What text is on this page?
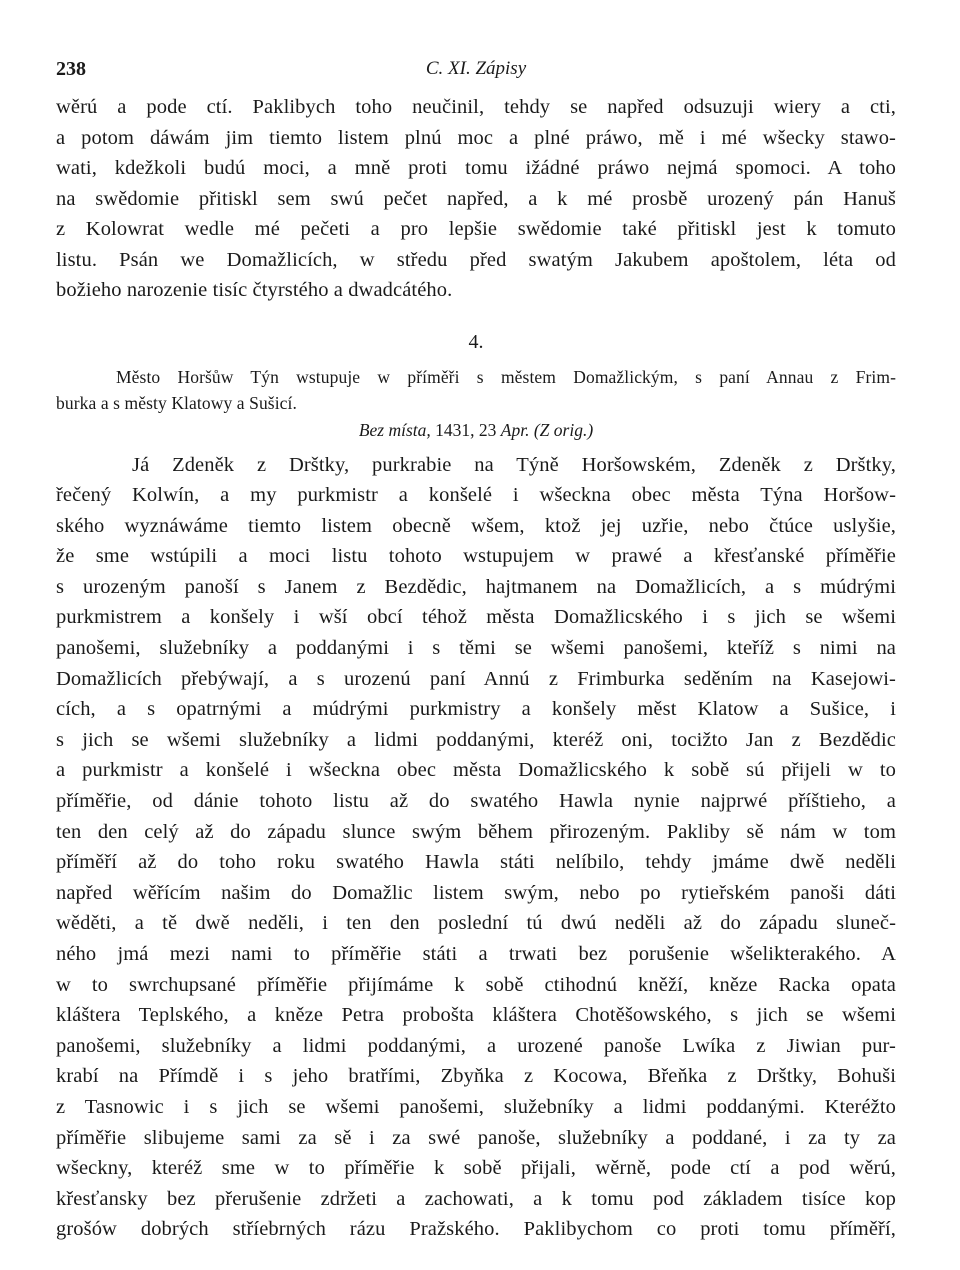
238	C. XI. Zápisy
wěrú a pode ctí. Paklibych toho neučinil, tehdy se napřed odsuzuji wiery a cti,
a potom dáwám jim tiemto listem plnú moc a plné práwo, mě i mé wšecky stawo-
wati, kdežkoli budú moci, a mně proti tomu ižádné práwo nejmá spomoci. A toho
na swědomie přitiskl sem swú pečet napřed, a k mé prosbě urozený pán Hanuš
z Kolowrat wedle mé pečeti a pro lepšie swědomie také přitiskl jest k tomuto
listu. Psán we Domažlicích, w středu před swatým Jakubem apoštolem, léta od
božieho narozenie tisíc čtyrstého a dwadcátého.
4.
Město Horšůw Týn wstupuje w příměři s městem Domažlickým, s paní Annau z Frim-
burka a s městy Klatowy a Sušicí.
Bez místa, 1431, 23 Apr. (Z orig.)
Já Zdeněk z Drštky, purkrabie na Týně Horšowském, Zdeněk z Drštky,
řečený Kolwín, a my purkmistr a konšelé i wšeckna obec města Týna Horšow-
ského wyznáwáme tiemto listem obecně wšem, ktož jej uzřie, nebo čtúce uslyšie,
že sme wstúpili a moci listu tohoto wstupujem w prawé a křesťanské příměřie
s urozeným panoší s Janem z Bezdědic, hajtmanem na Domažlicích, a s múdrými
purkmistrem a konšely i wší obcí téhož města Domažlicského i s jich se wšemi
panošemi, služebníky a poddanými i s těmi se wšemi panošemi, kteříž s nimi na
Domažlicích přebýwají, a s urozenú paní Annú z Frimburka seděním na Kasejowi-
cích, a s opatrnými a múdrými purkmistry a konšely měst Klatow a Sušice, i
s jich se wšemi služebníky a lidmi poddanými, kteréž oni, tocižto Jan z Bezdědic
a purkmistr a konšelé i wšeckna obec města Domažlicského k sobě sú přijeli w to
příměřie, od dánie tohoto listu až do swatého Hawla nynie najprwé příštieho, a
ten den celý až do západu slunce swým během přirozeným. Pakliby sě nám w tom
příměří až do toho roku swatého Hawla státi nelíbilo, tehdy jmáme dwě neděli
napřed wěřícím našim do Domažlic listem swým, nebo po rytieřském panoši dáti
wěděti, a tě dwě neděli, i ten den poslední tú dwú neděli až do západu sluneč-
ného jmá mezi nami to příměřie státi a trwati bez porušenie wšelikterakého. A
w to swrchupsané příměřie přijímáme k sobě ctihodnú kněží, kněze Racka opata
kláštera Teplského, a kněze Petra probošta kláštera Chotěšowského, s jich se wšemi
panošemi, služebníky a lidmi poddanými, a urozené panoše Lwíka z Jiwian pur-
krabí na Přímdě i s jeho bratřími, Zbyňka z Kocowa, Břeňka z Drštky, Bohuši
z Tasnowic i s jich se wšemi panošemi, služebníky a lidmi poddanými. Kteréžto
příměřie slibujeme sami za sě i za swé panoše, služebníky a poddané, i za ty za
wšeckny, kteréž sme w to příměřie k sobě přijali, wěrně, pode ctí a pod wěrú,
křesťansky bez přerušenie zdržeti a zachowati, a k tomu pod základem tisíce kop
grošów dobrých stříebrných rázu Pražského. Paklibychom co proti tomu příměří,
